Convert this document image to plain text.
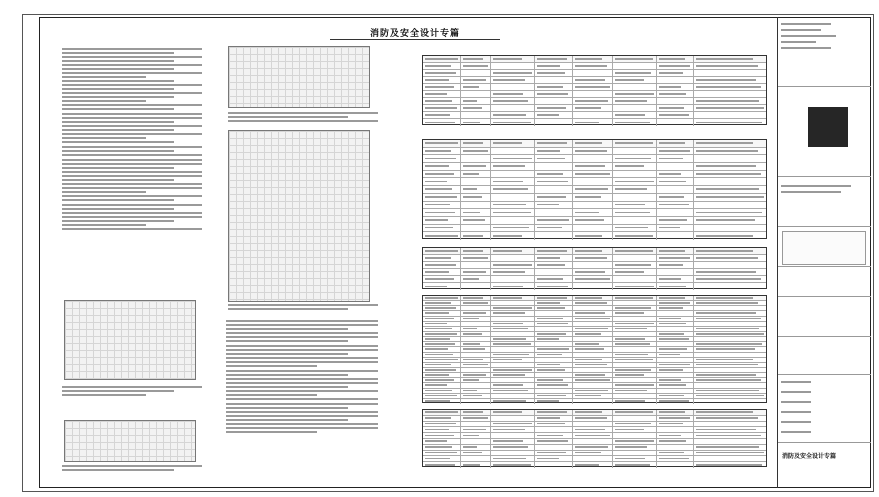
消防及安全设计专篇
消防及安全设计专篇
